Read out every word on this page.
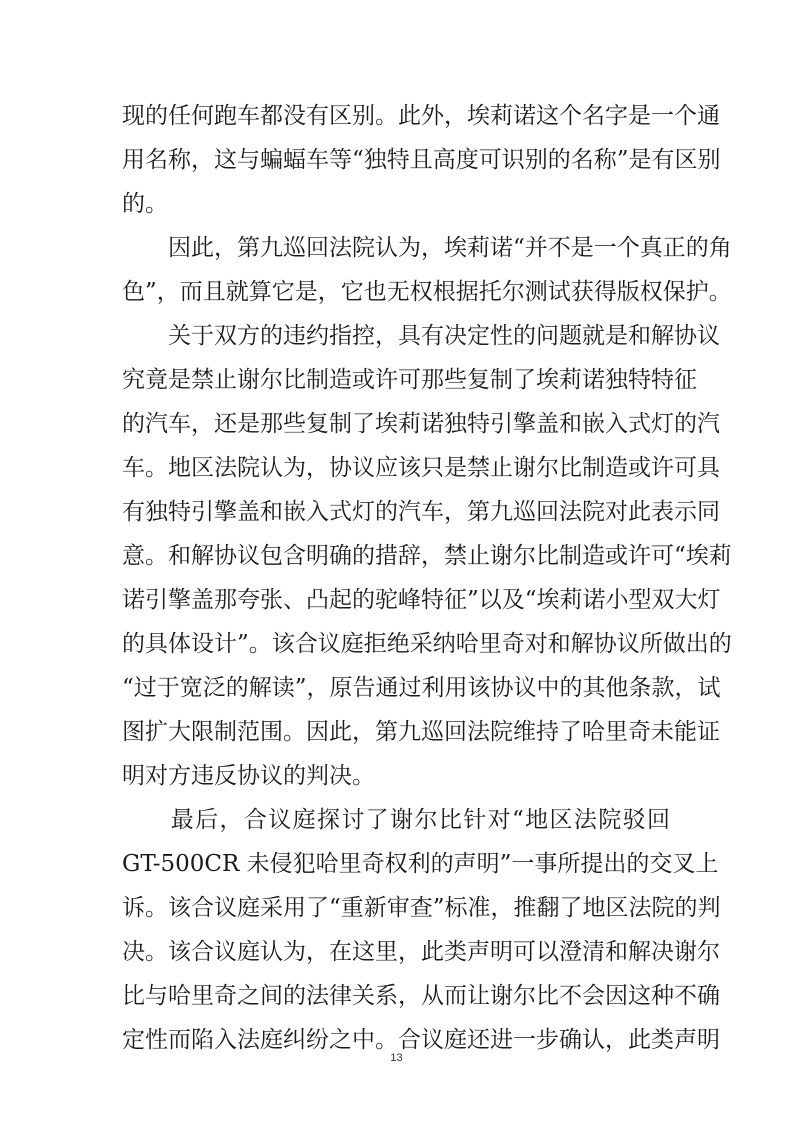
现的任何跑车都没有区别。此外，埃莉诺这个名字是一个通
用名称，这与蝙蝠车等“独特且高度可识别的名称”是有区别
的。
　　因此，第九巡回法院认为，埃莉诺“并不是一个真正的角
色”，而且就算它是，它也无权根据托尔测试获得版权保护。
　　关于双方的违约指控，具有决定性的问题就是和解协议
究竟是禁止谢尔比制造或许可那些复制了埃莉诺独特特征
的汽车，还是那些复制了埃莉诺独特引擎盖和嵌入式灯的汽
车。地区法院认为，协议应该只是禁止谢尔比制造或许可具
有独特引擎盖和嵌入式灯的汽车，第九巡回法院对此表示同
意。和解协议包含明确的措辞，禁止谢尔比制造或许可“埃莉
诺引擎盖那夸张、凸起的驼峰特征”以及“埃莉诺小型双大灯
的具体设计”。该合议庭拒绝采纳哈里奇对和解协议所做出的
“过于宽泛的解读”，原告通过利用该协议中的其他条款，试
图扩大限制范围。因此，第九巡回法院维持了哈里奇未能证
明对方违反协议的判决。
　　最后，合议庭探讨了谢尔比针对“地区法院驳回
GT-500CR 未侵犯哈里奇权利的声明”一事所提出的交叉上
诉。该合议庭采用了“重新审查”标准，推翻了地区法院的判
决。该合议庭认为，在这里，此类声明可以澄清和解决谢尔
比与哈里奇之间的法律关系，从而让谢尔比不会因这种不确
定性而陷入法庭纠纷之中。合议庭还进一步确认，此类声明
13
